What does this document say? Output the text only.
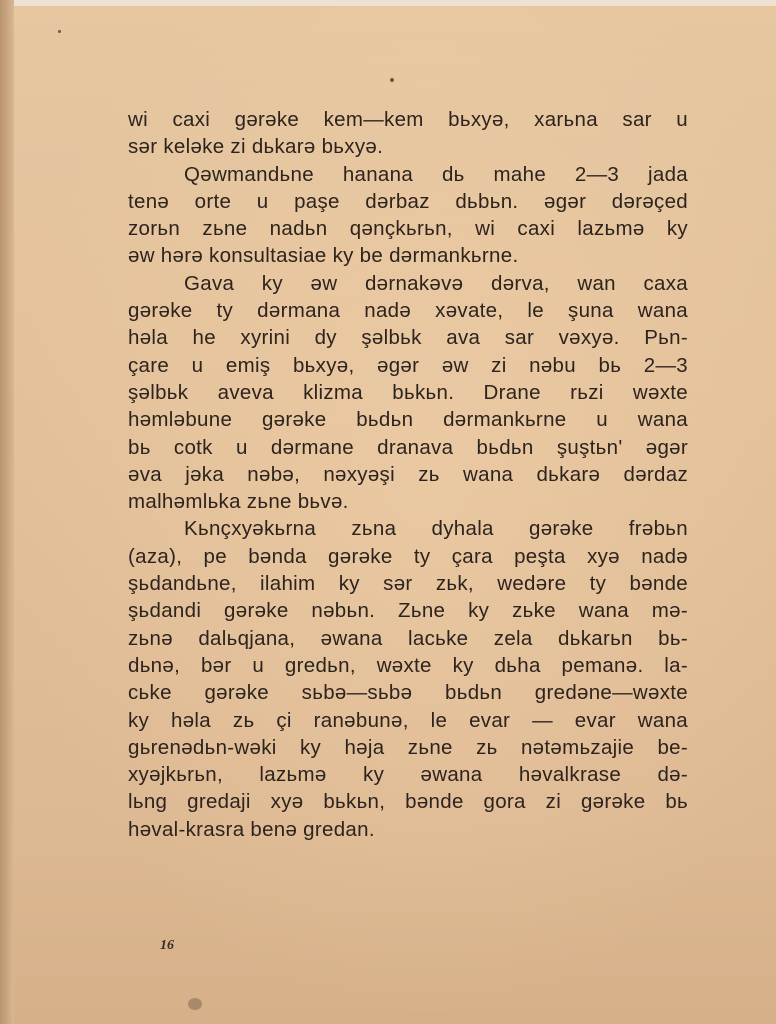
wi caxi gərəke kem—kem bьxyə, xarьna sar u
sər keləke zi dьkarə bьxyə.
Qəwmandьne hanana dь mahe 2—3 jada
tenə orte u paşe dərbaz dьbьn. əgər dərəçed
zorьn zьne nadьn qənçkьrьn, wi caxi lazьmə ky
əw hərə konsultasiae ky be dərmankьrne.
Gava ky əw dərnakəvə dərva, wan caxa
gərəke ty dərmana nadə xəvate, le şuna wana
həla he xyrini dy şəlbьk ava sar vəxyə. Pьn-
çare u emiş bьxyə, əgər əw zi nəbu bь 2—3
şəlbьk aveva klizma bьkьn. Drane rьzi wəxte
həmləbune gərəke bьdьn dərmankьrne u wana
bь cotk u dərmane dranava bьdьn şuştьn' əgər
əva jəka nəbə, nəxyəşi zь wana dьkarə dərdaz
malhəmlьka zьne bьvə.
Kьnçxyəkьrna zьna dyhala gərəke frəbьn
(aza), pe bənda gərəke ty çara peşta xyə nadə
şьdandьne, ilahim ky sər zьk, wedəre ty bənde
şьdandi gərəke nəbьn. Zьne ky zьke wana mə-
zьnə dalьqjana, əwana lacьke zela dьkarьn bь-
dьnə, bər u gredьn, wəxte ky dьha pemanə. la-
cьke gərəke sьbə—sьbə bьdьn gredəne—wəxte
ky həla zь çi ranəbunə, le evar — evar wana
gьrenədьn-wəki ky həja zьne zь nətəmьzajie be-
xyəjkьrьn, lazьmə ky əwana həvalkrase də-
lьng gredaji xyə bьkьn, bənde gora zi gərəke bь
həval-krasra benə gredan.
16
